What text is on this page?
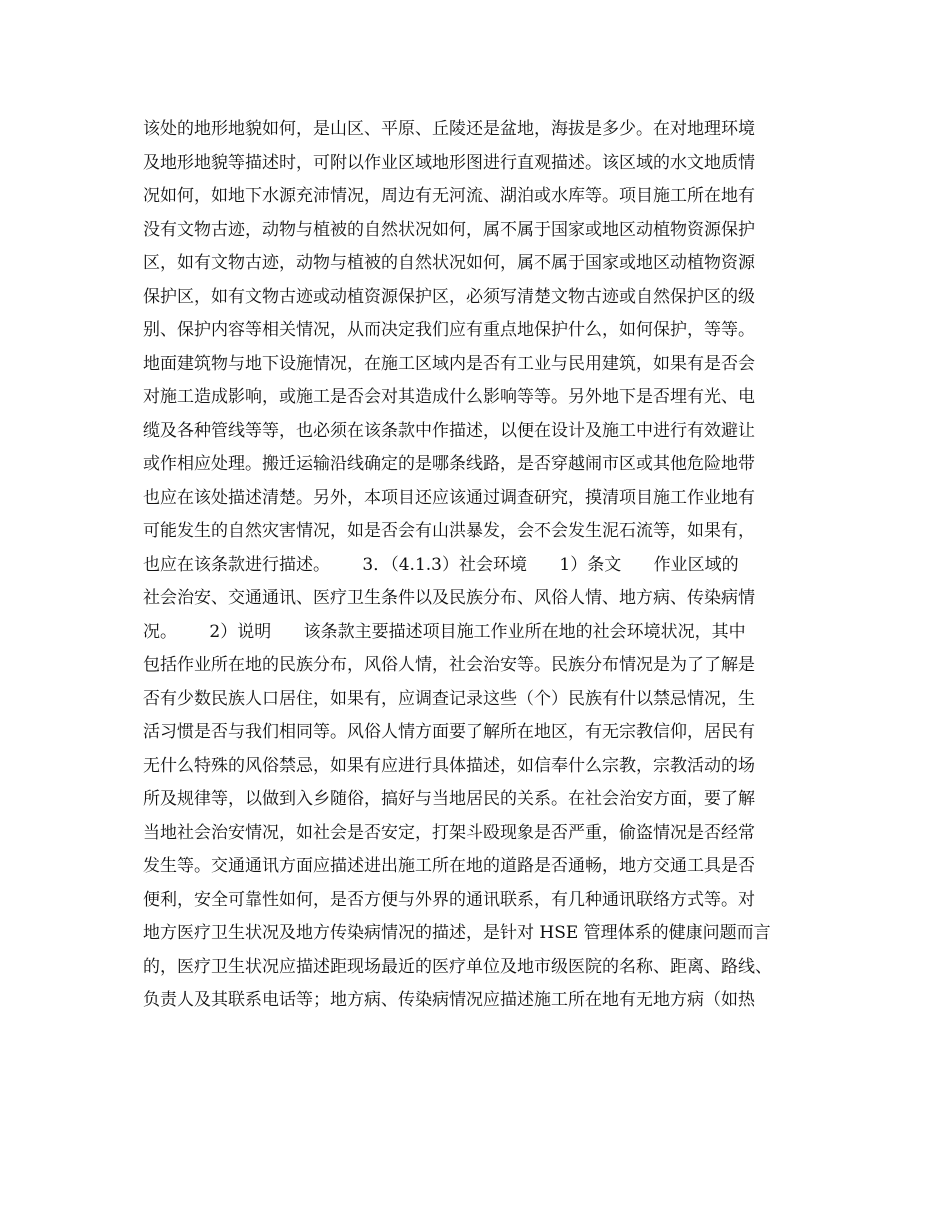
该处的地形地貌如何，是山区、平原、丘陵还是盆地，海拔是多少。在对地理环境
及地形地貌等描述时，可附以作业区域地形图进行直观描述。该区域的水文地质情
况如何，如地下水源充沛情况，周边有无河流、湖泊或水库等。项目施工所在地有
没有文物古迹，动物与植被的自然状况如何，属不属于国家或地区动植物资源保护
区，如有文物古迹，动物与植被的自然状况如何，属不属于国家或地区动植物资源
保护区，如有文物古迹或动植资源保护区，必须写清楚文物古迹或自然保护区的级
别、保护内容等相关情况，从而决定我们应有重点地保护什么，如何保护，等等。
地面建筑物与地下设施情况，在施工区域内是否有工业与民用建筑，如果有是否会
对施工造成影响，或施工是否会对其造成什么影响等等。另外地下是否埋有光、电
缆及各种管线等等，也必须在该条款中作描述，以便在设计及施工中进行有效避让
或作相应处理。搬迁运输沿线确定的是哪条线路，是否穿越闹市区或其他危险地带
也应在该处描述清楚。另外，本项目还应该通过调查研究，摸清项目施工作业地有
可能发生的自然灾害情况，如是否会有山洪暴发，会不会发生泥石流等，如果有，
也应在该条款进行描述。      3．（4.1.3）社会环境      1）条文      作业区域的
社会治安、交通通讯、医疗卫生条件以及民族分布、风俗人情、地方病、传染病情
况。      2）说明      该条款主要描述项目施工作业所在地的社会环境状况，其中
包括作业所在地的民族分布，风俗人情，社会治安等。民族分布情况是为了了解是
否有少数民族人口居住，如果有，应调查记录这些（个）民族有什以禁忌情况，生
活习惯是否与我们相同等。风俗人情方面要了解所在地区，有无宗教信仰，居民有
无什么特殊的风俗禁忌，如果有应进行具体描述，如信奉什么宗教，宗教活动的场
所及规律等，以做到入乡随俗，搞好与当地居民的关系。在社会治安方面，要了解
当地社会治安情况，如社会是否安定，打架斗殴现象是否严重，偷盗情况是否经常
发生等。交通通讯方面应描述进出施工所在地的道路是否通畅，地方交通工具是否
便利，安全可靠性如何，是否方便与外界的通讯联系，有几种通讯联络方式等。对
地方医疗卫生状况及地方传染病情况的描述，是针对 HSE 管理体系的健康问题而言
的，医疗卫生状况应描述距现场最近的医疗单位及地市级医院的名称、距离、路线、
负责人及其联系电话等；地方病、传染病情况应描述施工所在地有无地方病（如热
